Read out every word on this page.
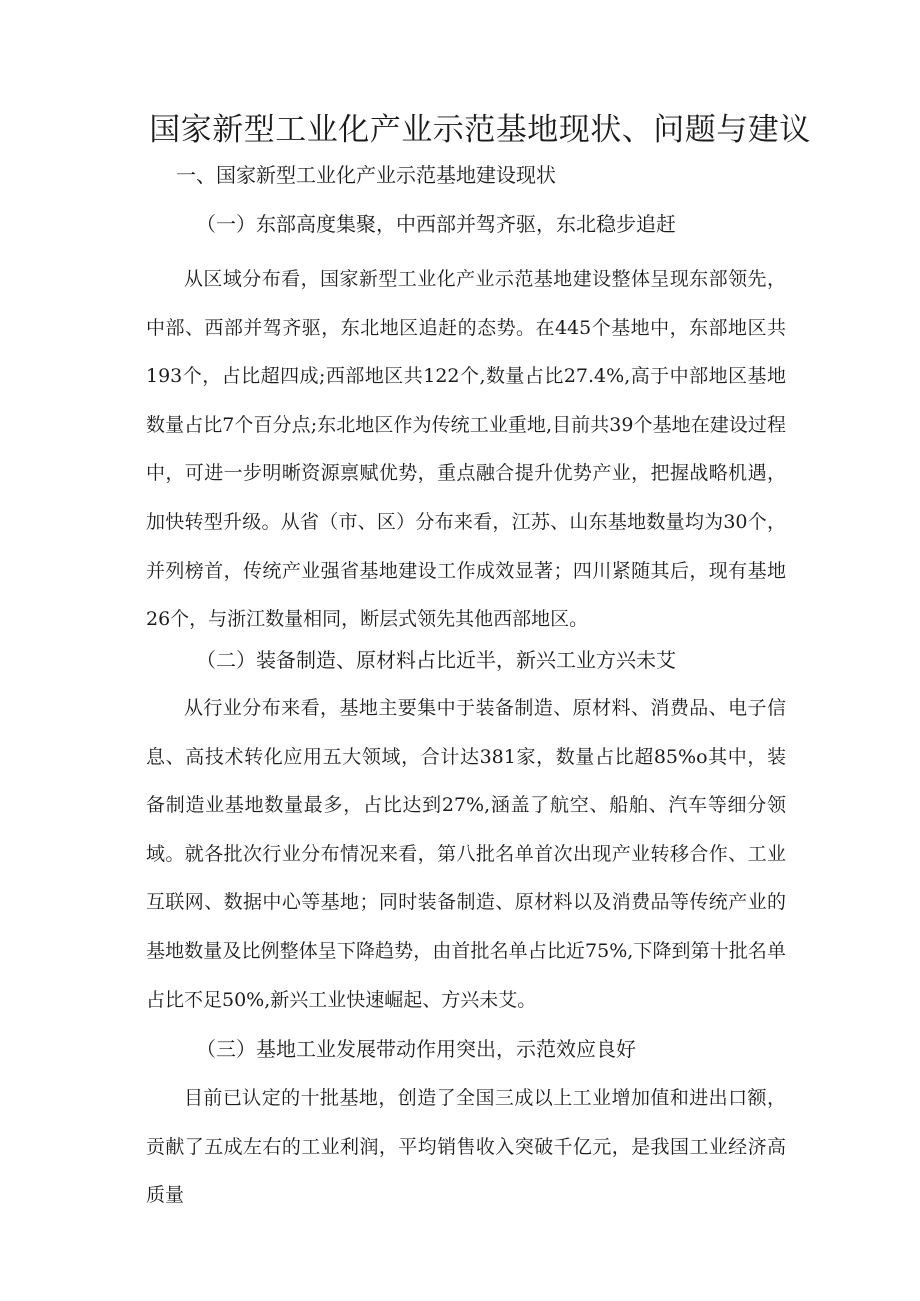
国家新型工业化产业示范基地现状、问题与建议
一、国家新型工业化产业示范基地建设现状
（一）东部高度集聚，中西部并驾齐驱，东北稳步追赶

从区域分布看，国家新型工业化产业示范基地建设整体呈现东部领先，中部、西部并驾齐驱，东北地区追赶的态势。在445个基地中，东部地区共193个，占比超四成;西部地区共122个,数量占比27.4%,高于中部地区基地数量占比7个百分点;东北地区作为传统工业重地,目前共39个基地在建设过程中，可进一步明晰资源禀赋优势，重点融合提升优势产业，把握战略机遇，加快转型升级。从省（市、区）分布来看，江苏、山东基地数量均为30个，并列榜首，传统产业强省基地建设工作成效显著；四川紧随其后，现有基地26个，与浙江数量相同，断层式领先其他西部地区。

（二）装备制造、原材料占比近半，新兴工业方兴未艾

从行业分布来看，基地主要集中于装备制造、原材料、消费品、电子信息、高技术转化应用五大领域，合计达381家，数量占比超85%o其中，装备制造业基地数量最多，占比达到27%,涵盖了航空、船舶、汽车等细分领域。就各批次行业分布情况来看，第八批名单首次出现产业转移合作、工业互联网、数据中心等基地；同时装备制造、原材料以及消费品等传统产业的基地数量及比例整体呈下降趋势，由首批名单占比近75%,下降到第十批名单占比不足50%,新兴工业快速崛起、方兴未艾。

（三）基地工业发展带动作用突出，示范效应良好

目前已认定的十批基地，创造了全国三成以上工业增加值和进出口额，贡献了五成左右的工业利润，平均销售收入突破千亿元，是我国工业经济高质量
